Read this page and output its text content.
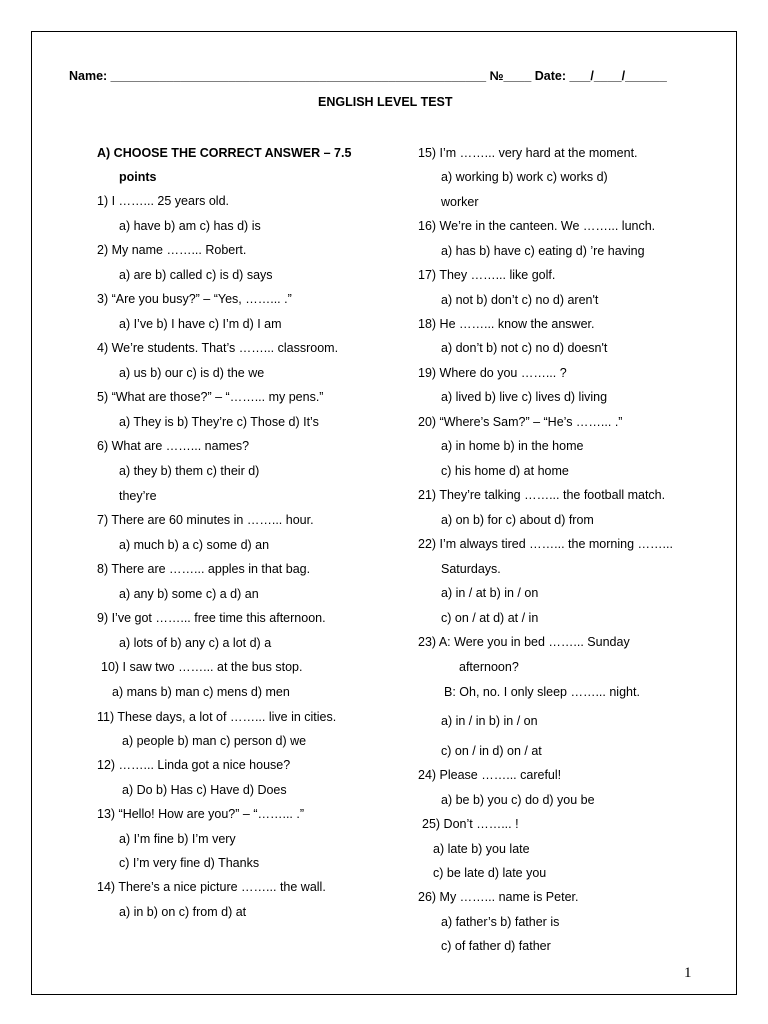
Name: ______________________________________________________ №____ Date: ___/____/______
ENGLISH LEVEL TEST
A) CHOOSE THE CORRECT ANSWER – 7.5
points
1) I ……... 25 years old.
a) have b) am c) has d) is
2) My name ……... Robert.
a) are b) called c) is d) says
3) “Are you busy?” – “Yes, ……... .”
a) I’ve b) I have c) I’m d) I am
4) We’re students. That’s ……... classroom.
a) us b) our c) is d) the we
5) “What are those?” – “……... my pens.”
a) They is b) They’re c) Those d) It’s
6) What are ……... names?
a) they b) them c) their d)
they’re
7) There are 60 minutes in ……... hour.
a) much b) a c) some d) an
8) There are ……... apples in that bag.
a) any b) some c) a d) an
9) I’ve got ……... free time this afternoon.
a) lots of b) any c) a lot d) a
10) I saw two ……... at the bus stop.
a) mans b) man c) mens d) men
11) These days, a lot of ……... live in cities.
a) people b) man c) person d) we
12) ……... Linda got a nice house?
a) Do b) Has c) Have d) Does
13) “Hello! How are you?” – “……... .”
a) I’m fine b) I’m very
c) I’m very fine d) Thanks
14) There’s a nice picture ……... the wall.
a) in b) on c) from d) at
15) I’m ……... very hard at the moment.
a) working b) work c) works d)
worker
16) We’re in the canteen. We ……... lunch.
a) has b) have c) eating d) ’re having
17) They ……... like golf.
a) not b) don’t c) no d) aren't
18) He ……... know the answer.
a) don’t b) not c) no d) doesn't
19) Where do you ……... ?
a) lived b) live c) lives d) living
20) “Where’s Sam?” – “He’s ……... .”
a) in home b) in the home
c) his home d) at home
21) They’re talking ……... the football match.
a) on b) for c) about d) from
22) I’m always tired ……... the morning ……...
Saturdays.
a) in / at b) in / on
c) on / at d) at / in
23) A: Were you in bed ……... Sunday
afternoon?
B: Oh, no. I only sleep ……... night.
a) in / in b) in / on
c) on / in d) on / at
24) Please ……... careful!
a) be b) you c) do d) you be
25) Don’t ……... !
a) late b) you late
c) be late d) late you
26) My ……... name is Peter.
a) father’s b) father is
c) of father d) father
1
